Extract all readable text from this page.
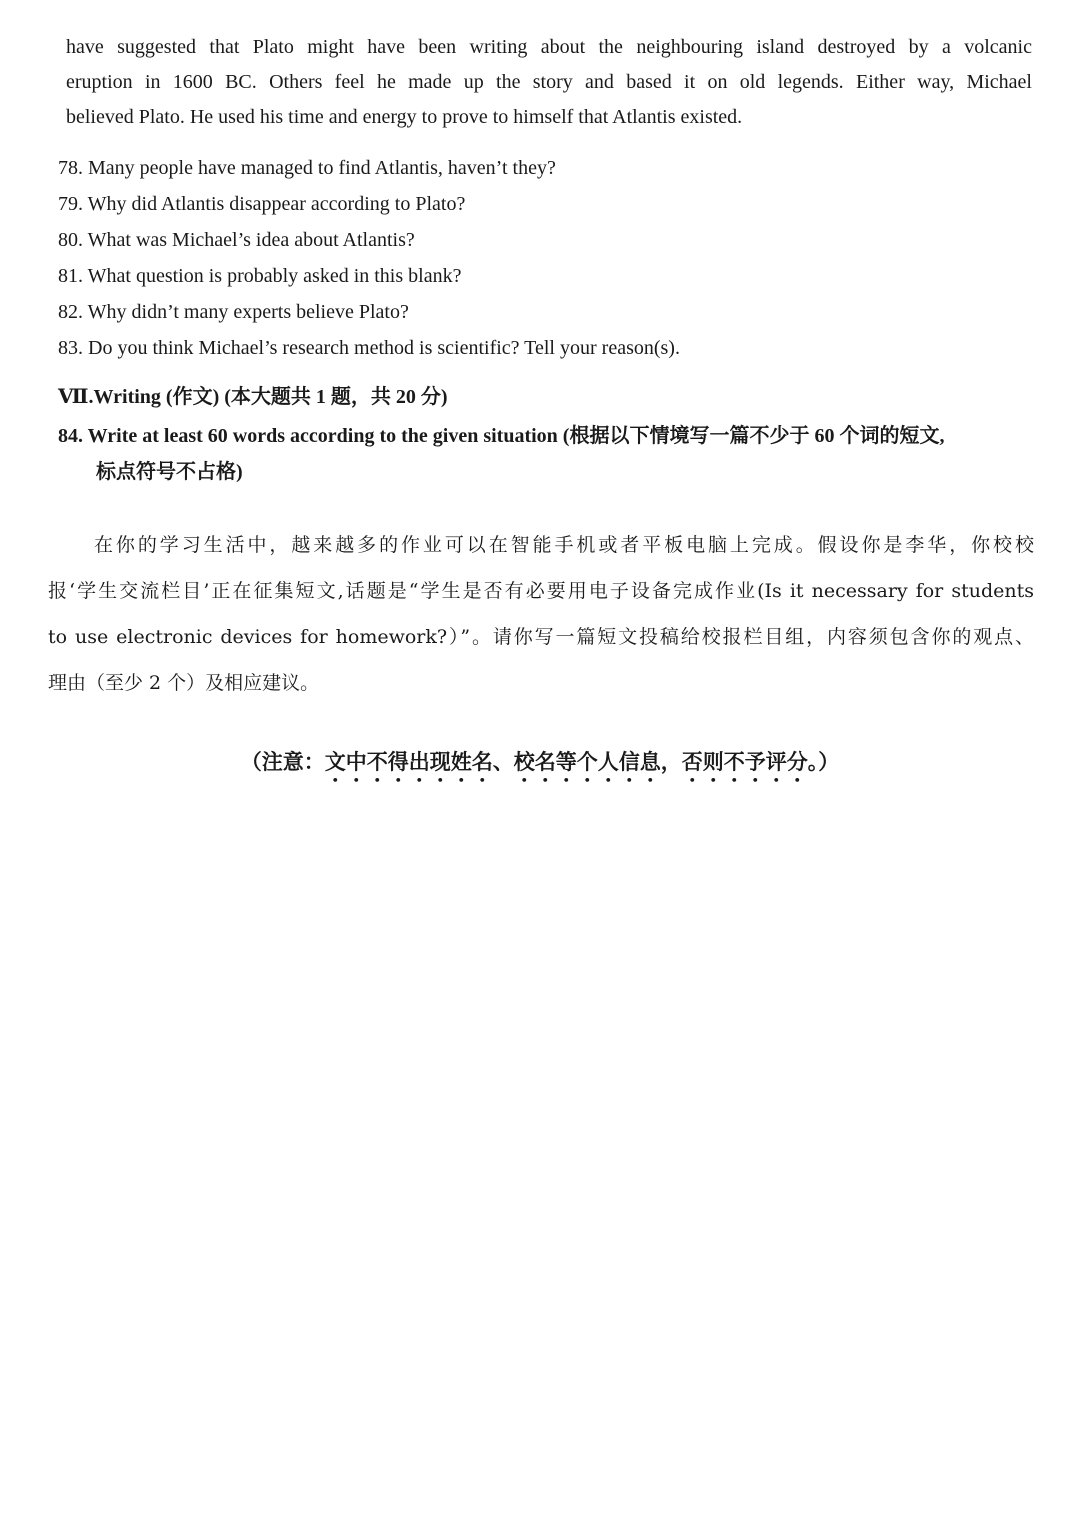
have suggested that Plato might have been writing about the neighbouring island destroyed by a volcanic
eruption in 1600 BC. Others feel he made up the story and based it on old legends. Either way, Michael
believed Plato. He used his time and energy to prove to himself that Atlantis existed.
78. Many people have managed to find Atlantis, haven’t they?
79. Why did Atlantis disappear according to Plato?
80. What was Michael’s idea about Atlantis?
81. What question is probably asked in this blank?
82. Why didn’t many experts believe Plato?
83. Do you think Michael’s research method is scientific? Tell your reason(s).
Ⅶ.Writing (作文) (本大题共 1 题，共 20 分)
84. Write at least 60 words according to the given situation (根据以下情境写一篇不少于 60 个词的短文,
标点符号不占格)
在你的学习生活中，越来越多的作业可以在智能手机或者平板电脑上完成。假设你是李华，你校校
报‘学生交流栏目’正在征集短文,话题是“学生是否有必要用电子设备完成作业(Is it necessary for students
to use electronic devices for homework?）”。请你写一篇短文投稿给校报栏目组，内容须包含你的观点、
理由（至少 2 个）及相应建议。
（注意：文中不得出现姓名、校名等个人信息，否则不予评分。）
